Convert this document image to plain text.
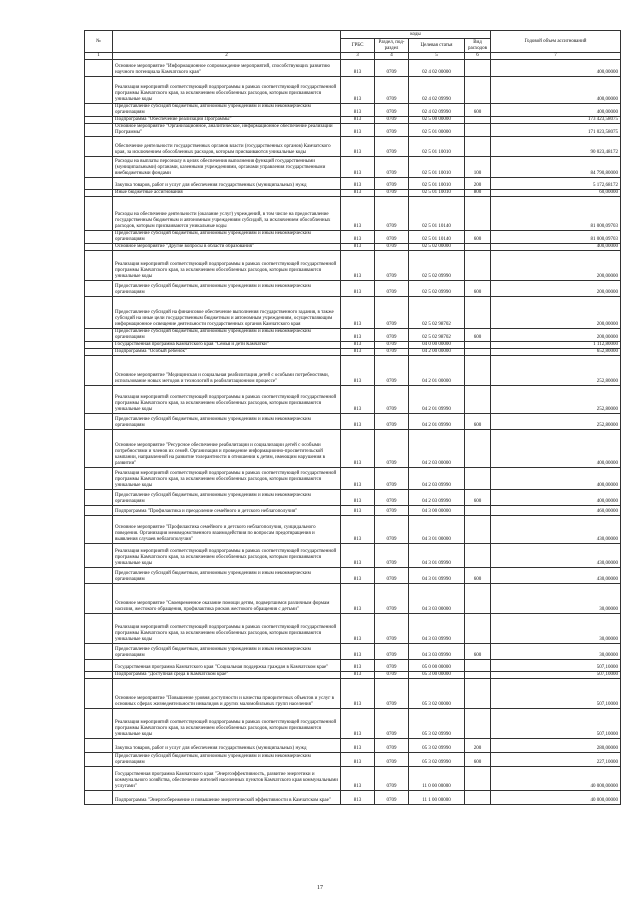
№		коды				Годовой объем ассигнований
		ГРБС	Раздел, под-раздел	Целевая статья	Вид расходов	
1	2	3	4	5	6	7
	Основное мероприятие "Информационное сопровождение мероприятий, способствующих развитию научного потенциала Камчатского края"	813	0709	02 4 02 00000		400,00000
	Реализация мероприятий соответствующей подпрограммы в рамках соответствующей государственной программы Камчатского края, за исключением обособленных расходов, которым присваиваются уникальные коды	813	0709	02 4 02 09990		400,00000
	Предоставление субсидий бюджетным, автономным учреждениям и иным некоммерческим организациям	813	0709	02 4 02 09990	600	400,00000
	Подпрограмма "Обеспечение реализации Программы"	813	0709	02 5 00 00000		173 423,58075
	Основное мероприятие "Организационное, аналитическое, информационное обеспечение реализации Программы"	813	0709	02 5 01 00000		171 023,58075
	Обеспечение деятельности государственных органов власти (государственных органов) Камчатского края, за исключением обособленных расходов, которым присваиваются уникальные коды	813	0709	02 5 01 10010		90 023,48172
	Расходы на выплаты персоналу в целях обеспечения выполнения функций государственными (муниципальными) органами, казенными учреждениями, органами управления государственными внебюджетными фондами	813	0709	02 5 01 10010	100	84 790,80000
	Закупка товаров, работ и услуг для обеспечения государственных (муниципальных) нужд	813	0709	02 5 01 10010	200	5 172,68172
	Иные бюджетные ассигнования	813	0709	02 5 01 10010	800	60,00000
	Расходы на обеспечение деятельности (оказание услуг) учреждений, в том числе на предоставление государственным бюджетным и автономным учреждениям субсидий, за исключением обособленных расходов, которым присваиваются уникальные коды	813	0709	02 5 01 10140		81 000,09703
	Предоставление субсидий бюджетным, автономным учреждениям и иным некоммерческим организациям	813	0709	02 5 01 10140	600	81 000,09703
	Основное мероприятие "Другие вопросы в области образования"	813	0709	02 5 02 00000		400,00000
	Реализация мероприятий соответствующей подпрограммы в рамках соответствующей государственной программы Камчатского края, за исключением обособленных расходов, которым присваиваются уникальные коды	813	0709	02 5 02 09990		200,00000
	Предоставление субсидий бюджетным, автономным учреждениям и иным некоммерческим организациям	813	0709	02 5 02 09990	600	200,00000
	Предоставление субсидий на финансовое обеспечение выполнения государственного задания, в также субсидий на иные цели государственным бюджетным и автономным учреждениям, осуществляющим информационное освещение деятельности государственных органов Камчатского края	813	0709	02 5 02 98702		200,00000
	Предоставление субсидий бюджетным, автономным учреждениям и иным некоммерческим организациям	813	0709	02 5 02 98702	600	200,00000
	Государственная программа Камчатского края "Семья и дети Камчатки"	813	0709	04 0 00 00000		1 112,80000
	Подпрограмма "Особый ребенок"	813	0709	04 2 00 00000		652,80000
	Основное мероприятие "Медицинская и социальная реабилитация детей с особыми потребностями, использование новых методов и технологий в реабилитационном процессе"	813	0709	04 2 01 00000		252,80000
	Реализация мероприятий соответствующей подпрограммы в рамках соответствующей государственной программы Камчатского края, за исключением обособленных расходов, которым присваиваются уникальные коды	813	0709	04 2 01 09990		252,80000
	Предоставление субсидий бюджетным, автономным учреждениям и иным некоммерческим организациям	813	0709	04 2 01 09990	600	252,80000
	Основное мероприятие "Ресурсное обеспечение реабилитации и социализации детей с особыми потребностями и членов их семей. Организация и проведение информационно-просветительской кампании, направленной на развитие толерантности в отношении к детям, имеющим нарушения в развитии"	813	0709	04 2 03 00000		400,00000
	Реализация мероприятий соответствующей подпрограммы в рамках соответствующей государственной программы Камчатского края, за исключением обособленных расходов, которым присваиваются уникальные коды	813	0709	04 2 03 09990		400,00000
	Предоставление субсидий бюджетным, автономным учреждениям и иным некоммерческим организациям	813	0709	04 2 03 09990	600	400,00000
	Подпрограмма "Профилактика и преодоление семейного и детского неблагополучия"	813	0709	04 3 00 00000		460,00000
	Основное мероприятие "Профилактика семейного и детского неблагополучия, суицидального поведения. Организация межведомственного взаимодействия по вопросам предотвращения и выявления случаев неблагополучия"	813	0709	04 3 01 00000		430,00000
	Реализация мероприятий соответствующей подпрограммы в рамках соответствующей государственной программы Камчатского края, за исключением обособленных расходов, которым присваиваются уникальные коды	813	0709	04 3 01 09990		430,00000
	Предоставление субсидий бюджетным, автономным учреждениям и иным некоммерческим организациям	813	0709	04 3 01 09990	600	430,00000
	Основное мероприятие "Своевременное оказание помощи детям, подвергшимся различным формам насилия, жестокого обращения, профилактика рисков жестокого обращения с детьми"	813	0709	04 3 03 00000		30,00000
	Реализация мероприятий соответствующей подпрограммы в рамках соответствующей государственной программы Камчатского края, за исключением обособленных расходов, которым присваиваются уникальные коды	813	0709	04 3 03 09990		30,00000
	Предоставление субсидий бюджетным, автономным учреждениям и иным некоммерческим организациям	813	0709	04 3 03 09990	600	30,00000
	Государственная программа Камчатского края "Социальная поддержка граждан в Камчатском крае"	813	0709	05 0 00 00000		507,10000
	Подпрограмма "Доступная среда в Камчатском крае"	813	0709	05 3 00 00000		507,10000
	Основное мероприятие "Повышение уровня доступности и качества приоритетных объектов и услуг в основных сферах жизнедеятельности инвалидов и других маломобильных групп населения"	813	0709	05 3 02 00000		507,10000
	Реализация мероприятий соответствующей подпрограммы в рамках соответствующей государственной программы Камчатского края, за исключением обособленных расходов, которым присваиваются уникальные коды	813	0709	05 3 02 09990		507,10000
	Закупка товаров, работ и услуг для обеспечения государственных (муниципальных) нужд	813	0709	05 3 02 09990	200	280,00000
	Предоставление субсидий бюджетным, автономным учреждениям и иным некоммерческим организациям	813	0709	05 3 02 09990	600	227,10000
	Государственная программа Камчатского края "Энергоэффективность, развитие энергетики и коммунального хозяйства, обеспечение жителей населенных пунктов Камчатского края коммунальными услугами"	813	0709	11 0 00 00000		40 000,00000
	Подпрограмма "Энергосбережение и повышение энергетической эффективности в Камчатском крае"	813	0709	11 1 00 00000		40 000,00000
17
